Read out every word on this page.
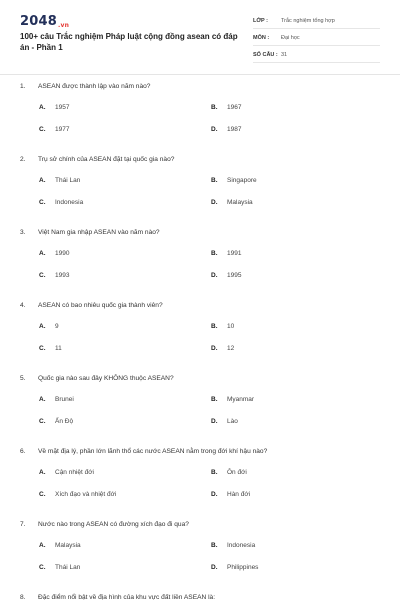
2048.vn
100+ câu Trắc nghiệm Pháp luật cộng đồng asean có đáp án - Phần 1
LỚP :	Trắc nghiệm tổng hợp
MÔN :	Đại học
SỐ CÂU : 31
1. ASEAN được thành lập vào năm nào?
A.	1957	B.	1967
C.	1977	D.	1987
2. Trụ sở chính của ASEAN đặt tại quốc gia nào?
A.	Thái Lan	B.	Singapore
C.	Indonesia	D.	Malaysia
3. Việt Nam gia nhập ASEAN vào năm nào?
A.	1990	B.	1991
C.	1993	D.	1995
4. ASEAN có bao nhiêu quốc gia thành viên?
A.	9	B.	10
C.	11	D.	12
5. Quốc gia nào sau đây KHÔNG thuộc ASEAN?
A.	Brunei	B.	Myanmar
C.	Ấn Độ	D.	Lào
6. Về mặt địa lý, phần lớn lãnh thổ các nước ASEAN nằm trong đới khí hậu nào?
A.	Cận nhiệt đới	B.	Ôn đới
C.	Xích đạo và nhiệt đới	D.	Hàn đới
7. Nước nào trong ASEAN có đường xích đạo đi qua?
A.	Malaysia	B.	Indonesia
C.	Thái Lan	D.	Philippines
8. Đặc điểm nổi bật về địa hình của khu vực đất liền ASEAN là:
